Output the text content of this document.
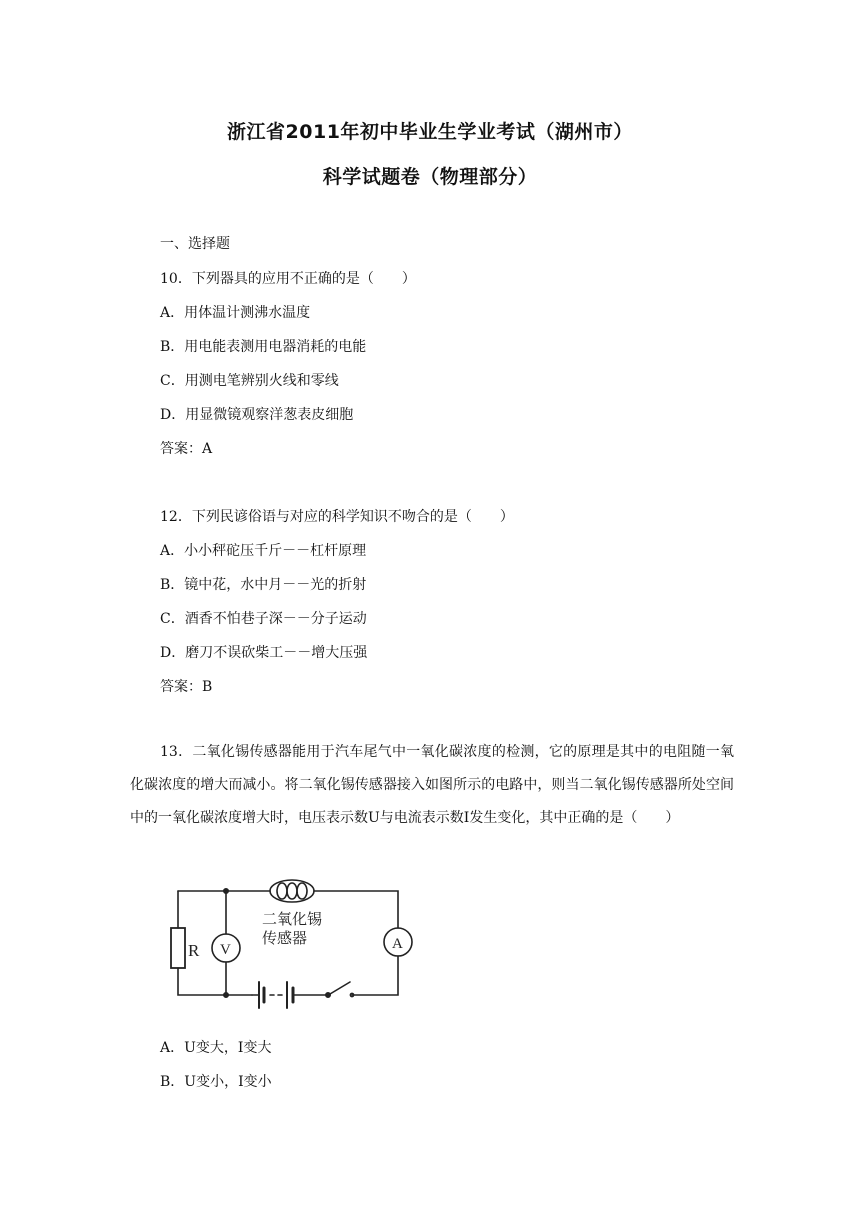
浙江省2011年初中毕业生学业考试（湖州市）
科学试题卷（物理部分）

一、选择题

10．下列器具的应用不正确的是（　　）

A．用体温计测沸水温度

B．用电能表测用电器消耗的电能

C．用测电笔辨别火线和零线

D．用显微镜观察洋葱表皮细胞

答案：A

12．下列民谚俗语与对应的科学知识不吻合的是（　　）

A．小小秤砣压千斤－－杠杆原理

B．镜中花，水中月－－光的折射

C．酒香不怕巷子深－－分子运动

D．磨刀不误砍柴工－－增大压强

答案：B

13．二氧化锡传感器能用于汽车尾气中一氧化碳浓度的检测，它的原理是其中的电阻随一氧化碳浓度的增大而减小。将二氧化锡传感器接入如图所示的电路中，则当二氧化锡传感器所处空间中的一氧化碳浓度增大时，电压表示数U与电流表示数I发生变化，其中正确的是（　　）

R V	A
二氧化锡
传感器

A．U变大，I变大

B．U变小，I变小
